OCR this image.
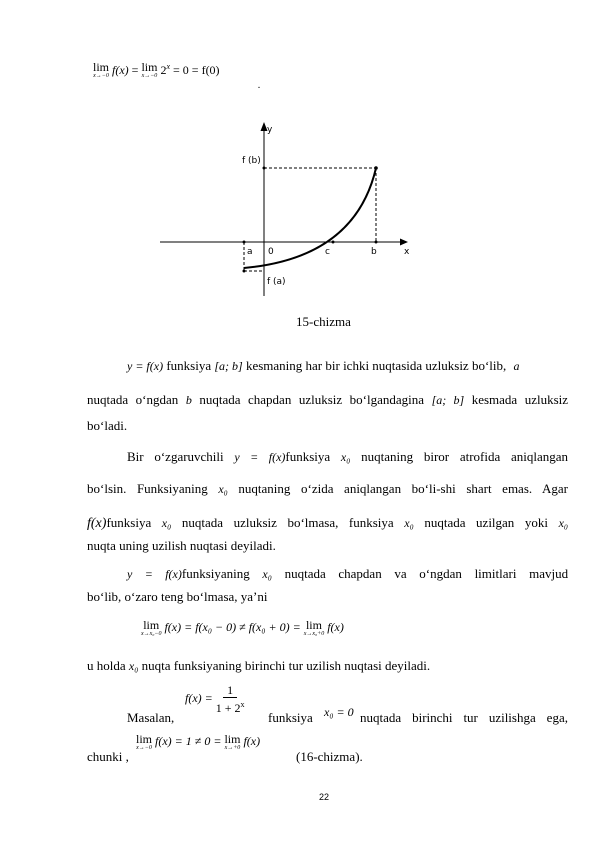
lim
x→−0 f(x) = lim
x→−0 $2^x = 0 = f(0)$
.
y
x
f (b)
f (a)
a 0	c	b
15-chizma
y = f(x) funksiya [a; b] kesmaning har bir ichki nuqtasida uzluksiz bo‘lib, a
nuqtada o‘ngdan b nuqtada chapdan uzluksiz bo‘lgandagina [a; b] kesmada uzluksiz
bo‘ladi.
Bir o‘zgaruvchili y = f(x)funksiya x₀ nuqtaning biror atrofida aniqlangan
bo‘lsin. Funksiyaning x₀ nuqtaning o‘zida aniqlangan bo‘li-shi shart emas. Agar
f(x)funksiya x₀ nuqtada uzluksiz bo‘lmasa, funksiya x₀ nuqtada uzilgan yoki x₀
nuqta uning uzilish nuqtasi deyiladi.
y = f(x)funksiyaning x₀ nuqtada chapdan va o‘ngdan limitlari mavjud
bo‘lib, o‘zaro teng bo‘lmasa, ya’ni
lim
x→x₀−0 f(x) = f(x₀ − 0) ≠ f(x₀ + 0) = lim
x→x₀+0 f(x)
u holda x₀ nuqta funksiyaning birinchi tur uzilish nuqtasi deyiladi.
$f(x) = \frac{1}{1 + 2^x}$
Masalan,	funksiya x₀ = 0 nuqtada birinchi tur uzilishga ega,
chunki ,
lim
x→−0 f(x) = 1 ≠ 0 = lim
x→+0 f(x)
(16-chizma).
22
